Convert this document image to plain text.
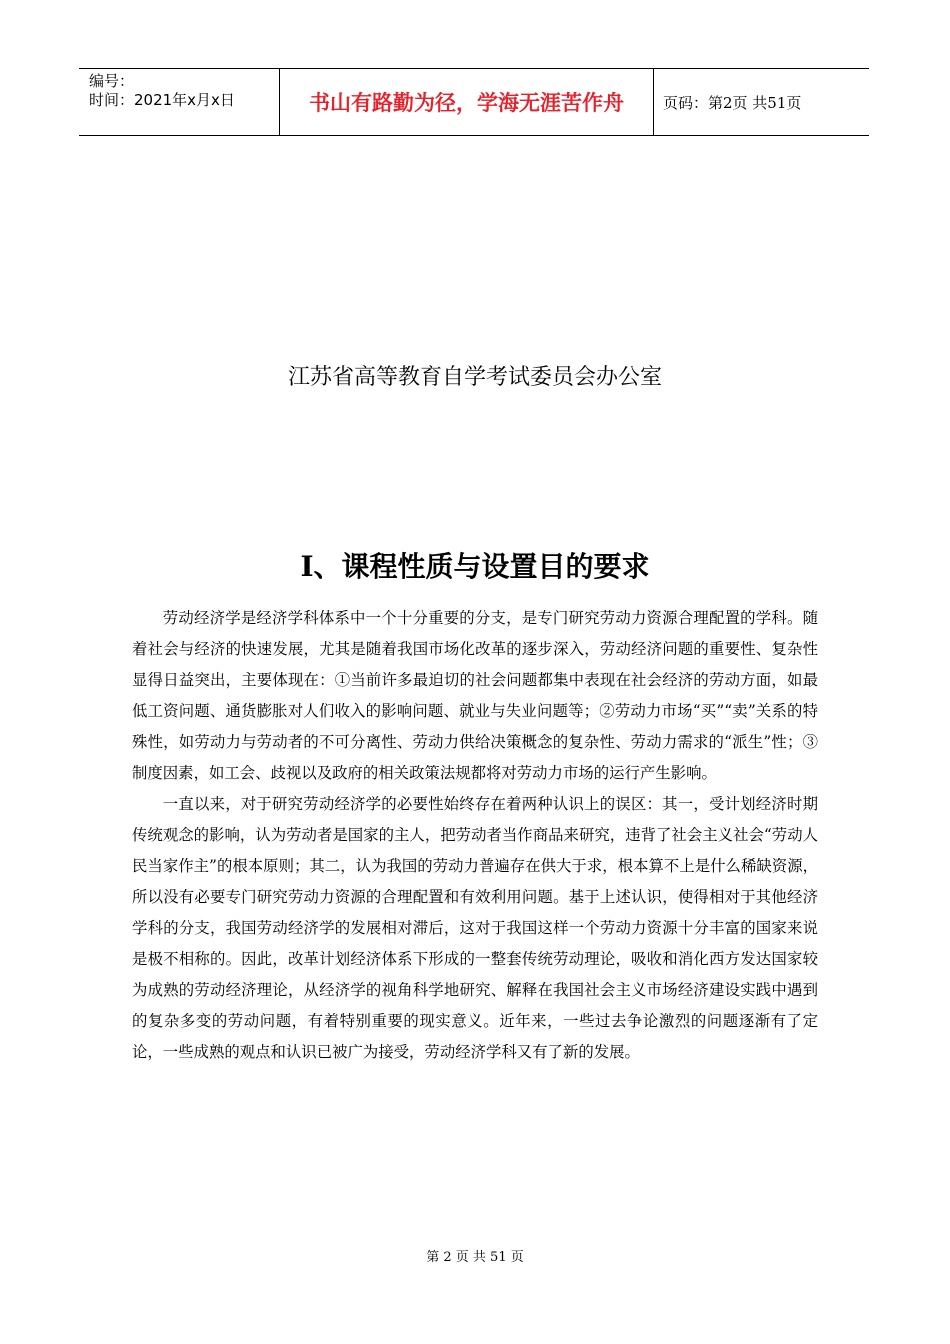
编号：
时间：2021年x月x日	书山有路勤为径，学海无涯苦作舟	页码：第2页 共51页
江苏省高等教育自学考试委员会办公室
I、课程性质与设置目的要求

劳动经济学是经济学科体系中一个十分重要的分支，是专门研究劳动力资源合理配置的学科。随着社会与经济的快速发展，尤其是随着我国市场化改革的逐步深入，劳动经济问题的重要性、复杂性显得日益突出，主要体现在：①当前许多最迫切的社会问题都集中表现在社会经济的劳动方面，如最低工资问题、通货膨胀对人们收入的影响问题、就业与失业问题等；②劳动力市场“买”“卖”关系的特殊性，如劳动力与劳动者的不可分离性、劳动力供给决策概念的复杂性、劳动力需求的“派生”性；③制度因素，如工会、歧视以及政府的相关政策法规都将对劳动力市场的运行产生影响。

一直以来，对于研究劳动经济学的必要性始终存在着两种认识上的误区：其一，受计划经济时期传统观念的影响，认为劳动者是国家的主人，把劳动者当作商品来研究，违背了社会主义社会“劳动人民当家作主”的根本原则；其二，认为我国的劳动力普遍存在供大于求，根本算不上是什么稀缺资源，所以没有必要专门研究劳动力资源的合理配置和有效利用问题。基于上述认识，使得相对于其他经济学科的分支，我国劳动经济学的发展相对滞后，这对于我国这样一个劳动力资源十分丰富的国家来说是极不相称的。因此，改革计划经济体系下形成的一整套传统劳动理论，吸收和消化西方发达国家较为成熟的劳动经济理论，从经济学的视角科学地研究、解释在我国社会主义市场经济建设实践中遇到的复杂多变的劳动问题，有着特别重要的现实意义。近年来，一些过去争论激烈的问题逐渐有了定论，一些成熟的观点和认识已被广为接受，劳动经济学科又有了新的发展。

第 2 页 共 51 页
